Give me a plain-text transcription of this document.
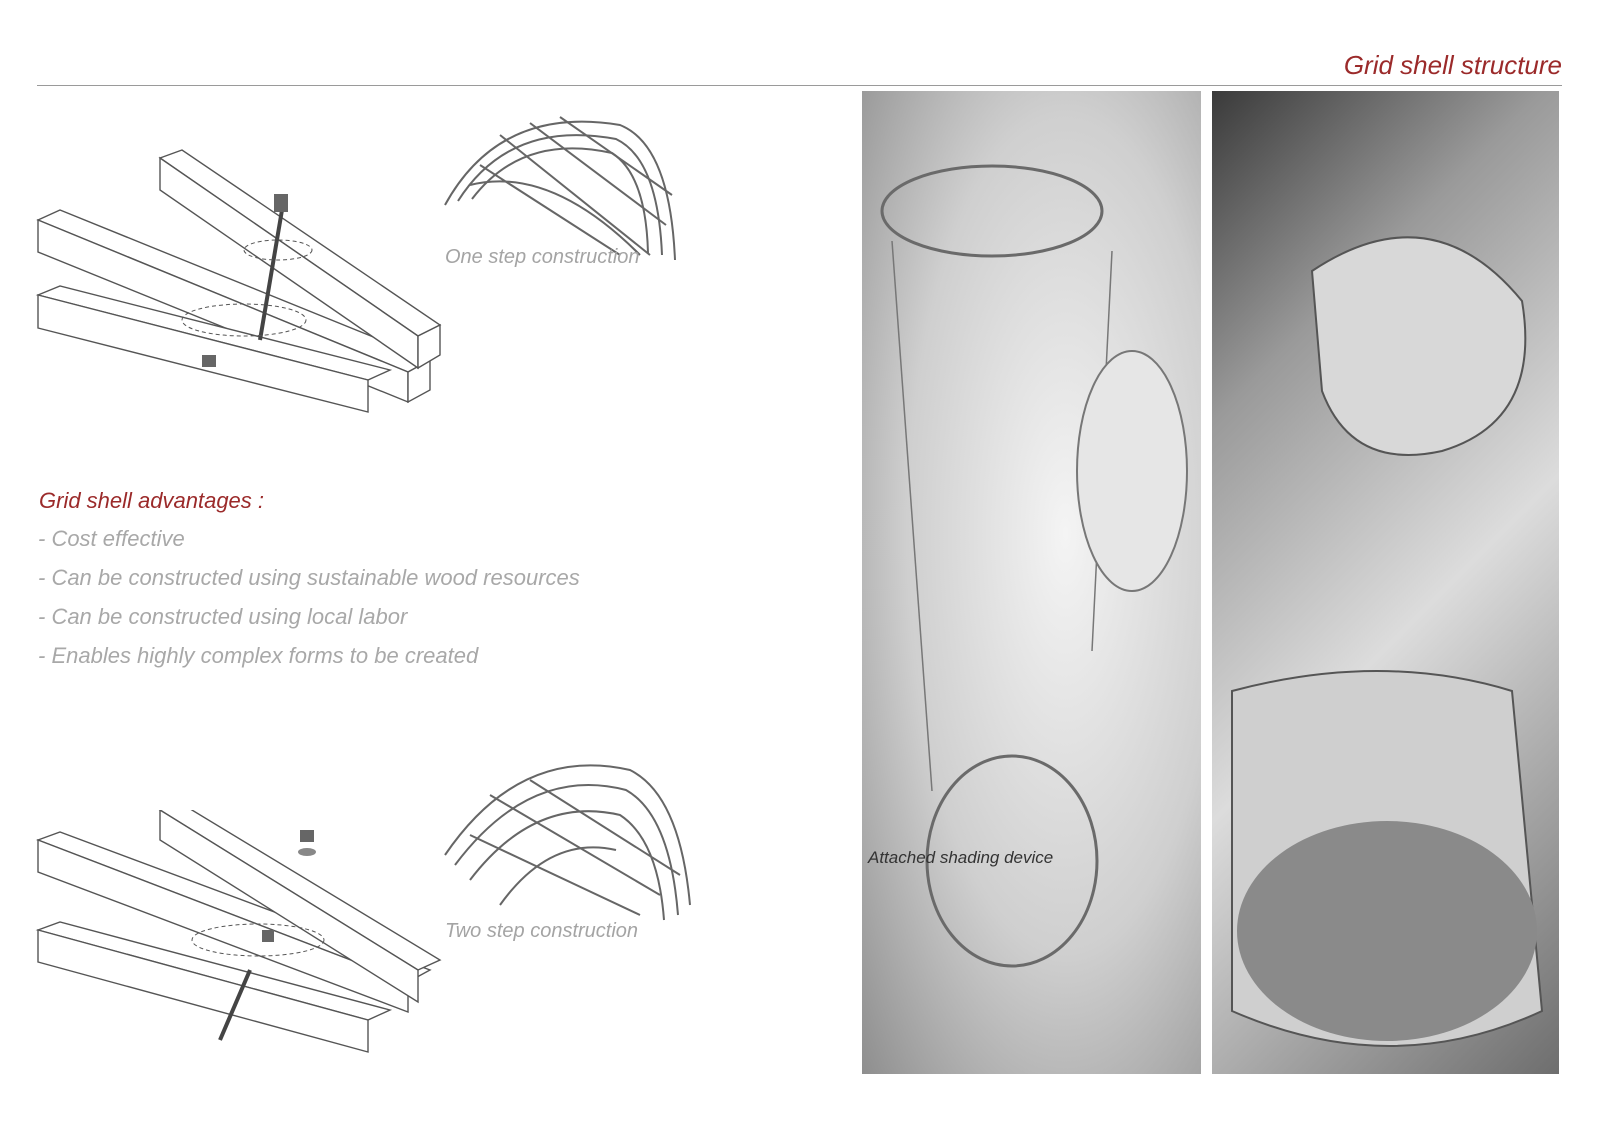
Grid shell structure
One step construction
Grid shell advantages :
- Cost effective
- Can be constructed using sustainable wood resources
- Can be constructed using local labor
- Enables highly complex forms to be created
Two step construction
Attached shading device
